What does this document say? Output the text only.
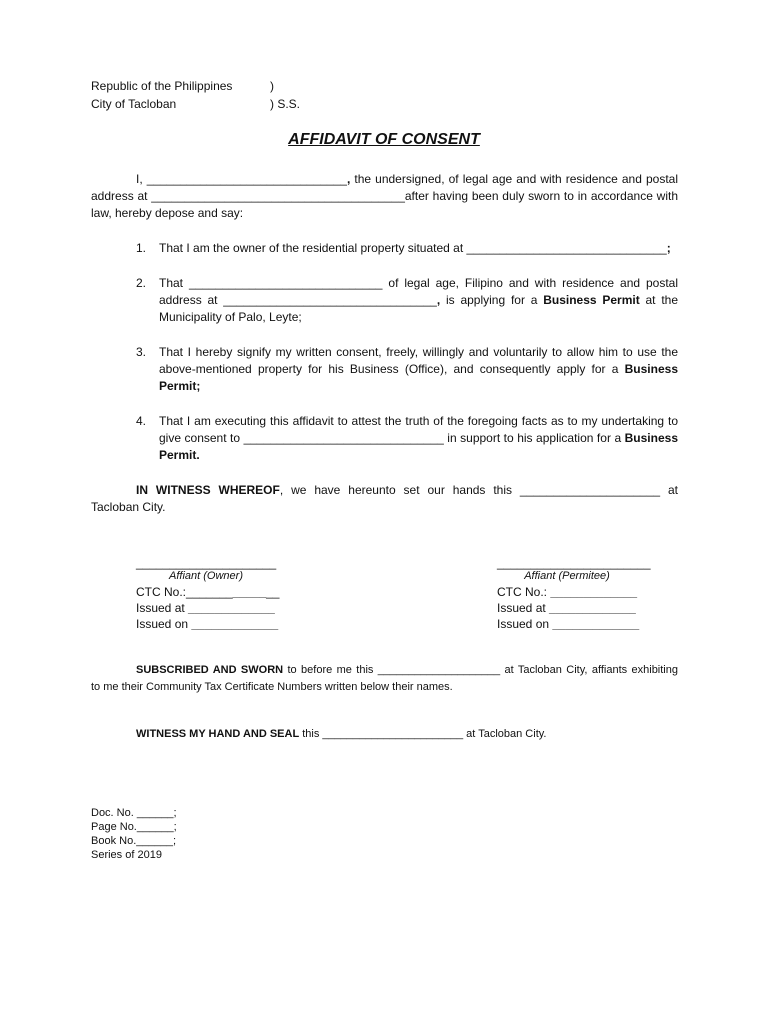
Republic of the Philippines	)
City of Tacloban	) S.S.
AFFIDAVIT OF CONSENT
I, ______________________________, the undersigned, of legal age and with residence and postal
address at ______________________________________after having been duly sworn to in accordance with
law, hereby depose and say:
1. That I am the owner of the residential property situated at ______________________________;
2. That _____________________________ of legal age, Filipino and with residence and postal
address at ________________________________, is applying for a Business Permit at the
Municipality of Palo, Leyte;
3. That I hereby signify my written consent, freely, willingly and voluntarily to allow him to use the
above-mentioned property for his Business (Office), and consequently apply for a Business
Permit;
4. That I am executing this affidavit to attest the truth of the foregoing facts as to my undertaking to
give consent to ______________________________ in support to his application for a Business
Permit.
IN WITNESS WHEREOF, we have hereunto set our hands this _____________________ at
Tacloban City.
_____________________
Affiant (Owner)
CTC No.:______________
Issued at _____________
Issued on _____________
_______________________
Affiant (Permitee)
CTC No.: _____________
Issued at _____________
Issued on _____________
SUBSCRIBED AND SWORN to before me this ____________________ at Tacloban City, affiants exhibiting
to me their Community Tax Certificate Numbers written below their names.
WITNESS MY HAND AND SEAL this _______________________ at Tacloban City.
Doc. No. ______;
Page No.______;
Book No.______;
Series of 2019
